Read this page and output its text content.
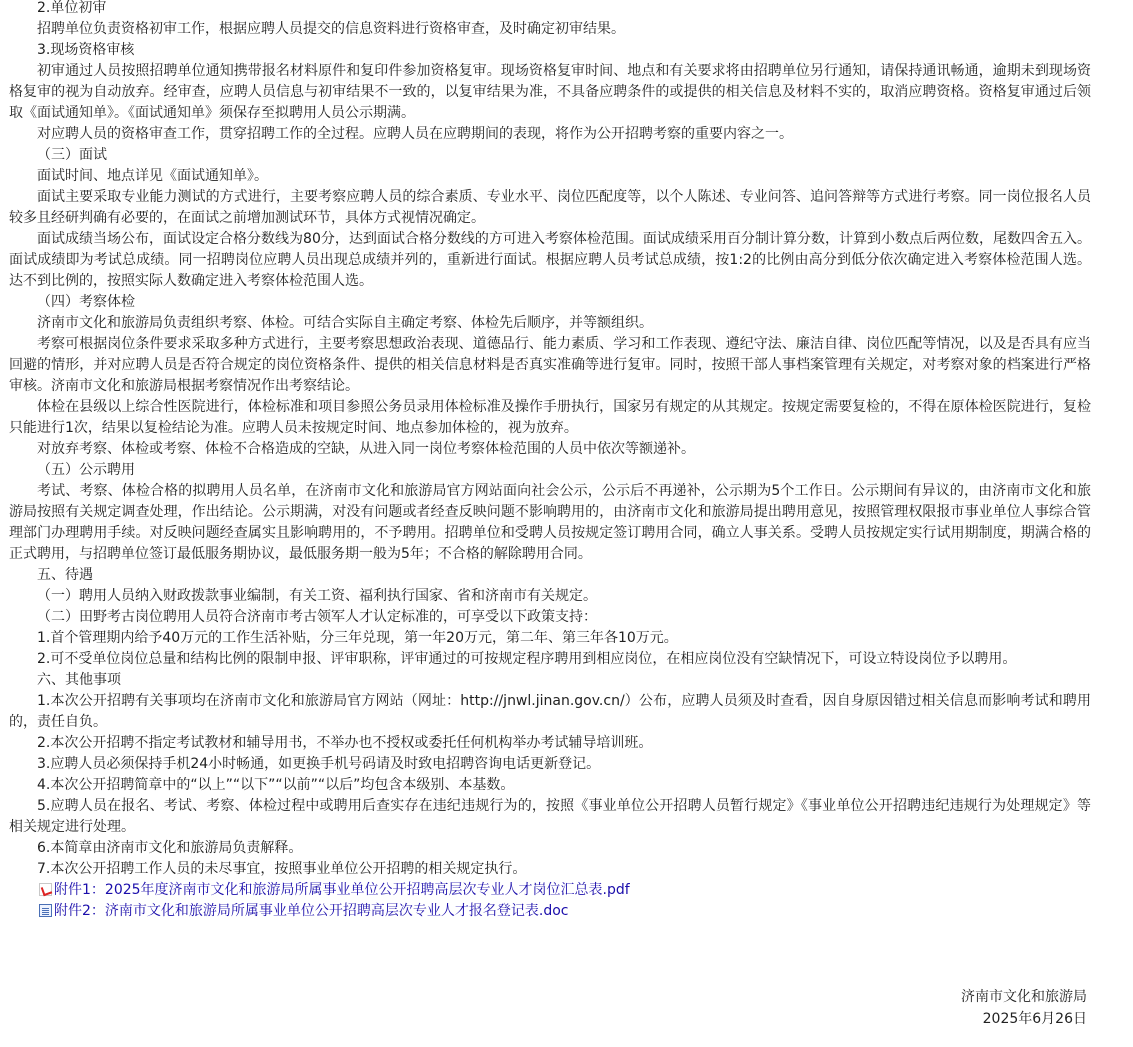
2.单位初审

招聘单位负责资格初审工作，根据应聘人员提交的信息资料进行资格审查，及时确定初审结果。

3.现场资格审核

初审通过人员按照招聘单位通知携带报名材料原件和复印件参加资格复审。现场资格复审时间、地点和有关要求将由招聘单位另行通知，请保持通讯畅通，逾期未到现场资格复审的视为自动放弃。经审查，应聘人员信息与初审结果不一致的，以复审结果为准，不具备应聘条件的或提供的相关信息及材料不实的，取消应聘资格。资格复审通过后领取《面试通知单》。《面试通知单》须保存至拟聘用人员公示期满。

对应聘人员的资格审查工作，贯穿招聘工作的全过程。应聘人员在应聘期间的表现，将作为公开招聘考察的重要内容之一。

（三）面试

面试时间、地点详见《面试通知单》。

面试主要采取专业能力测试的方式进行，主要考察应聘人员的综合素质、专业水平、岗位匹配度等，以个人陈述、专业问答、追问答辩等方式进行考察。同一岗位报名人员较多且经研判确有必要的，在面试之前增加测试环节，具体方式视情况确定。

面试成绩当场公布，面试设定合格分数线为80分，达到面试合格分数线的方可进入考察体检范围。面试成绩采用百分制计算分数，计算到小数点后两位数，尾数四舍五入。面试成绩即为考试总成绩。同一招聘岗位应聘人员出现总成绩并列的，重新进行面试。根据应聘人员考试总成绩，按1:2的比例由高分到低分依次确定进入考察体检范围人选。达不到比例的，按照实际人数确定进入考察体检范围人选。

（四）考察体检

济南市文化和旅游局负责组织考察、体检。可结合实际自主确定考察、体检先后顺序，并等额组织。

考察可根据岗位条件要求采取多种方式进行，主要考察思想政治表现、道德品行、能力素质、学习和工作表现、遵纪守法、廉洁自律、岗位匹配等情况，以及是否具有应当回避的情形，并对应聘人员是否符合规定的岗位资格条件、提供的相关信息材料是否真实准确等进行复审。同时，按照干部人事档案管理有关规定，对考察对象的档案进行严格审核。济南市文化和旅游局根据考察情况作出考察结论。

体检在县级以上综合性医院进行，体检标准和项目参照公务员录用体检标准及操作手册执行，国家另有规定的从其规定。按规定需要复检的，不得在原体检医院进行，复检只能进行1次，结果以复检结论为准。应聘人员未按规定时间、地点参加体检的，视为放弃。

对放弃考察、体检或考察、体检不合格造成的空缺，从进入同一岗位考察体检范围的人员中依次等额递补。

（五）公示聘用

考试、考察、体检合格的拟聘用人员名单，在济南市文化和旅游局官方网站面向社会公示，公示后不再递补，公示期为5个工作日。公示期间有异议的，由济南市文化和旅游局按照有关规定调查处理，作出结论。公示期满，对没有问题或者经查反映问题不影响聘用的，由济南市文化和旅游局提出聘用意见，按照管理权限报市事业单位人事综合管理部门办理聘用手续。对反映问题经查属实且影响聘用的，不予聘用。招聘单位和受聘人员按规定签订聘用合同，确立人事关系。受聘人员按规定实行试用期制度，期满合格的正式聘用，与招聘单位签订最低服务期协议，最低服务期一般为5年；不合格的解除聘用合同。

五、待遇

（一）聘用人员纳入财政拨款事业编制，有关工资、福利执行国家、省和济南市有关规定。

（二）田野考古岗位聘用人员符合济南市考古领军人才认定标准的，可享受以下政策支持：

1.首个管理期内给予40万元的工作生活补贴，分三年兑现，第一年20万元，第二年、第三年各10万元。

2.可不受单位岗位总量和结构比例的限制申报、评审职称，评审通过的可按规定程序聘用到相应岗位，在相应岗位没有空缺情况下，可设立特设岗位予以聘用。

六、其他事项

1.本次公开招聘有关事项均在济南市文化和旅游局官方网站（网址：http://jnwl.jinan.gov.cn/）公布，应聘人员须及时查看，因自身原因错过相关信息而影响考试和聘用的，责任自负。

2.本次公开招聘不指定考试教材和辅导用书，不举办也不授权或委托任何机构举办考试辅导培训班。

3.应聘人员必须保持手机24小时畅通，如更换手机号码请及时致电招聘咨询电话更新登记。

4.本次公开招聘简章中的“以上”“以下”“以前”“以后”均包含本级别、本基数。

5.应聘人员在报名、考试、考察、体检过程中或聘用后查实存在违纪违规行为的，按照《事业单位公开招聘人员暂行规定》《事业单位公开招聘违纪违规行为处理规定》等相关规定进行处理。

6.本简章由济南市文化和旅游局负责解释。

7.本次公开招聘工作人员的未尽事宜，按照事业单位公开招聘的相关规定执行。

附件1：2025年度济南市文化和旅游局所属事业单位公开招聘高层次专业人才岗位汇总表.pdf

附件2：济南市文化和旅游局所属事业单位公开招聘高层次专业人才报名登记表.doc

济南市文化和旅游局
2025年6月26日
